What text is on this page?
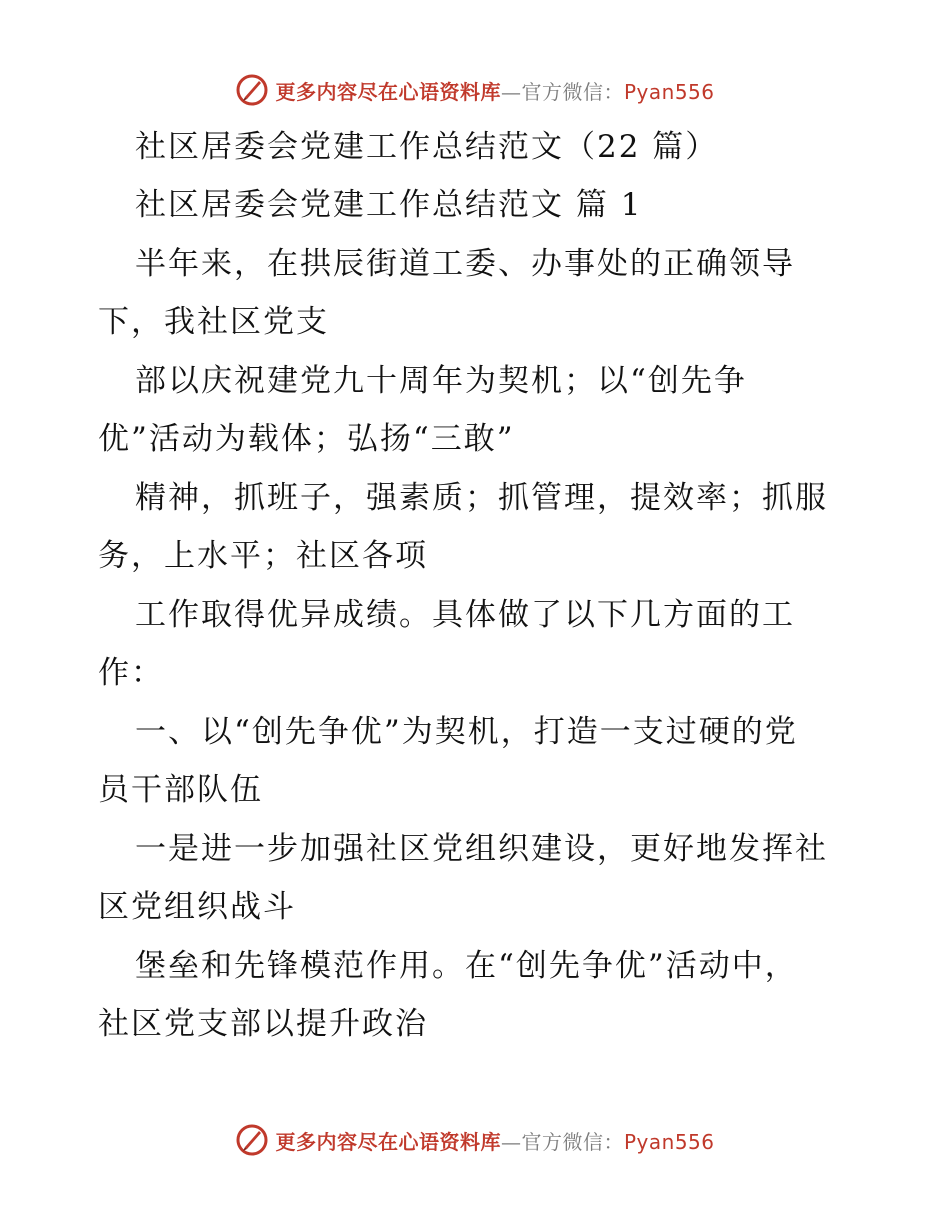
更多内容尽在心语资料库—官方微信：Pyan556
社区居委会党建工作总结范文（22 篇）
社区居委会党建工作总结范文 篇 1
半年来，在拱辰街道工委、办事处的正确领导
下，我社区党支
部以庆祝建党九十周年为契机；以“创先争
优”活动为载体；弘扬“三敢”
精神，抓班子，强素质；抓管理，提效率；抓服
务，上水平；社区各项
工作取得优异成绩。具体做了以下几方面的工
作：
一、以“创先争优”为契机，打造一支过硬的党
员干部队伍
一是进一步加强社区党组织建设，更好地发挥社
区党组织战斗
堡垒和先锋模范作用。在“创先争优”活动中，
社区党支部以提升政治
更多内容尽在心语资料库—官方微信：Pyan556
